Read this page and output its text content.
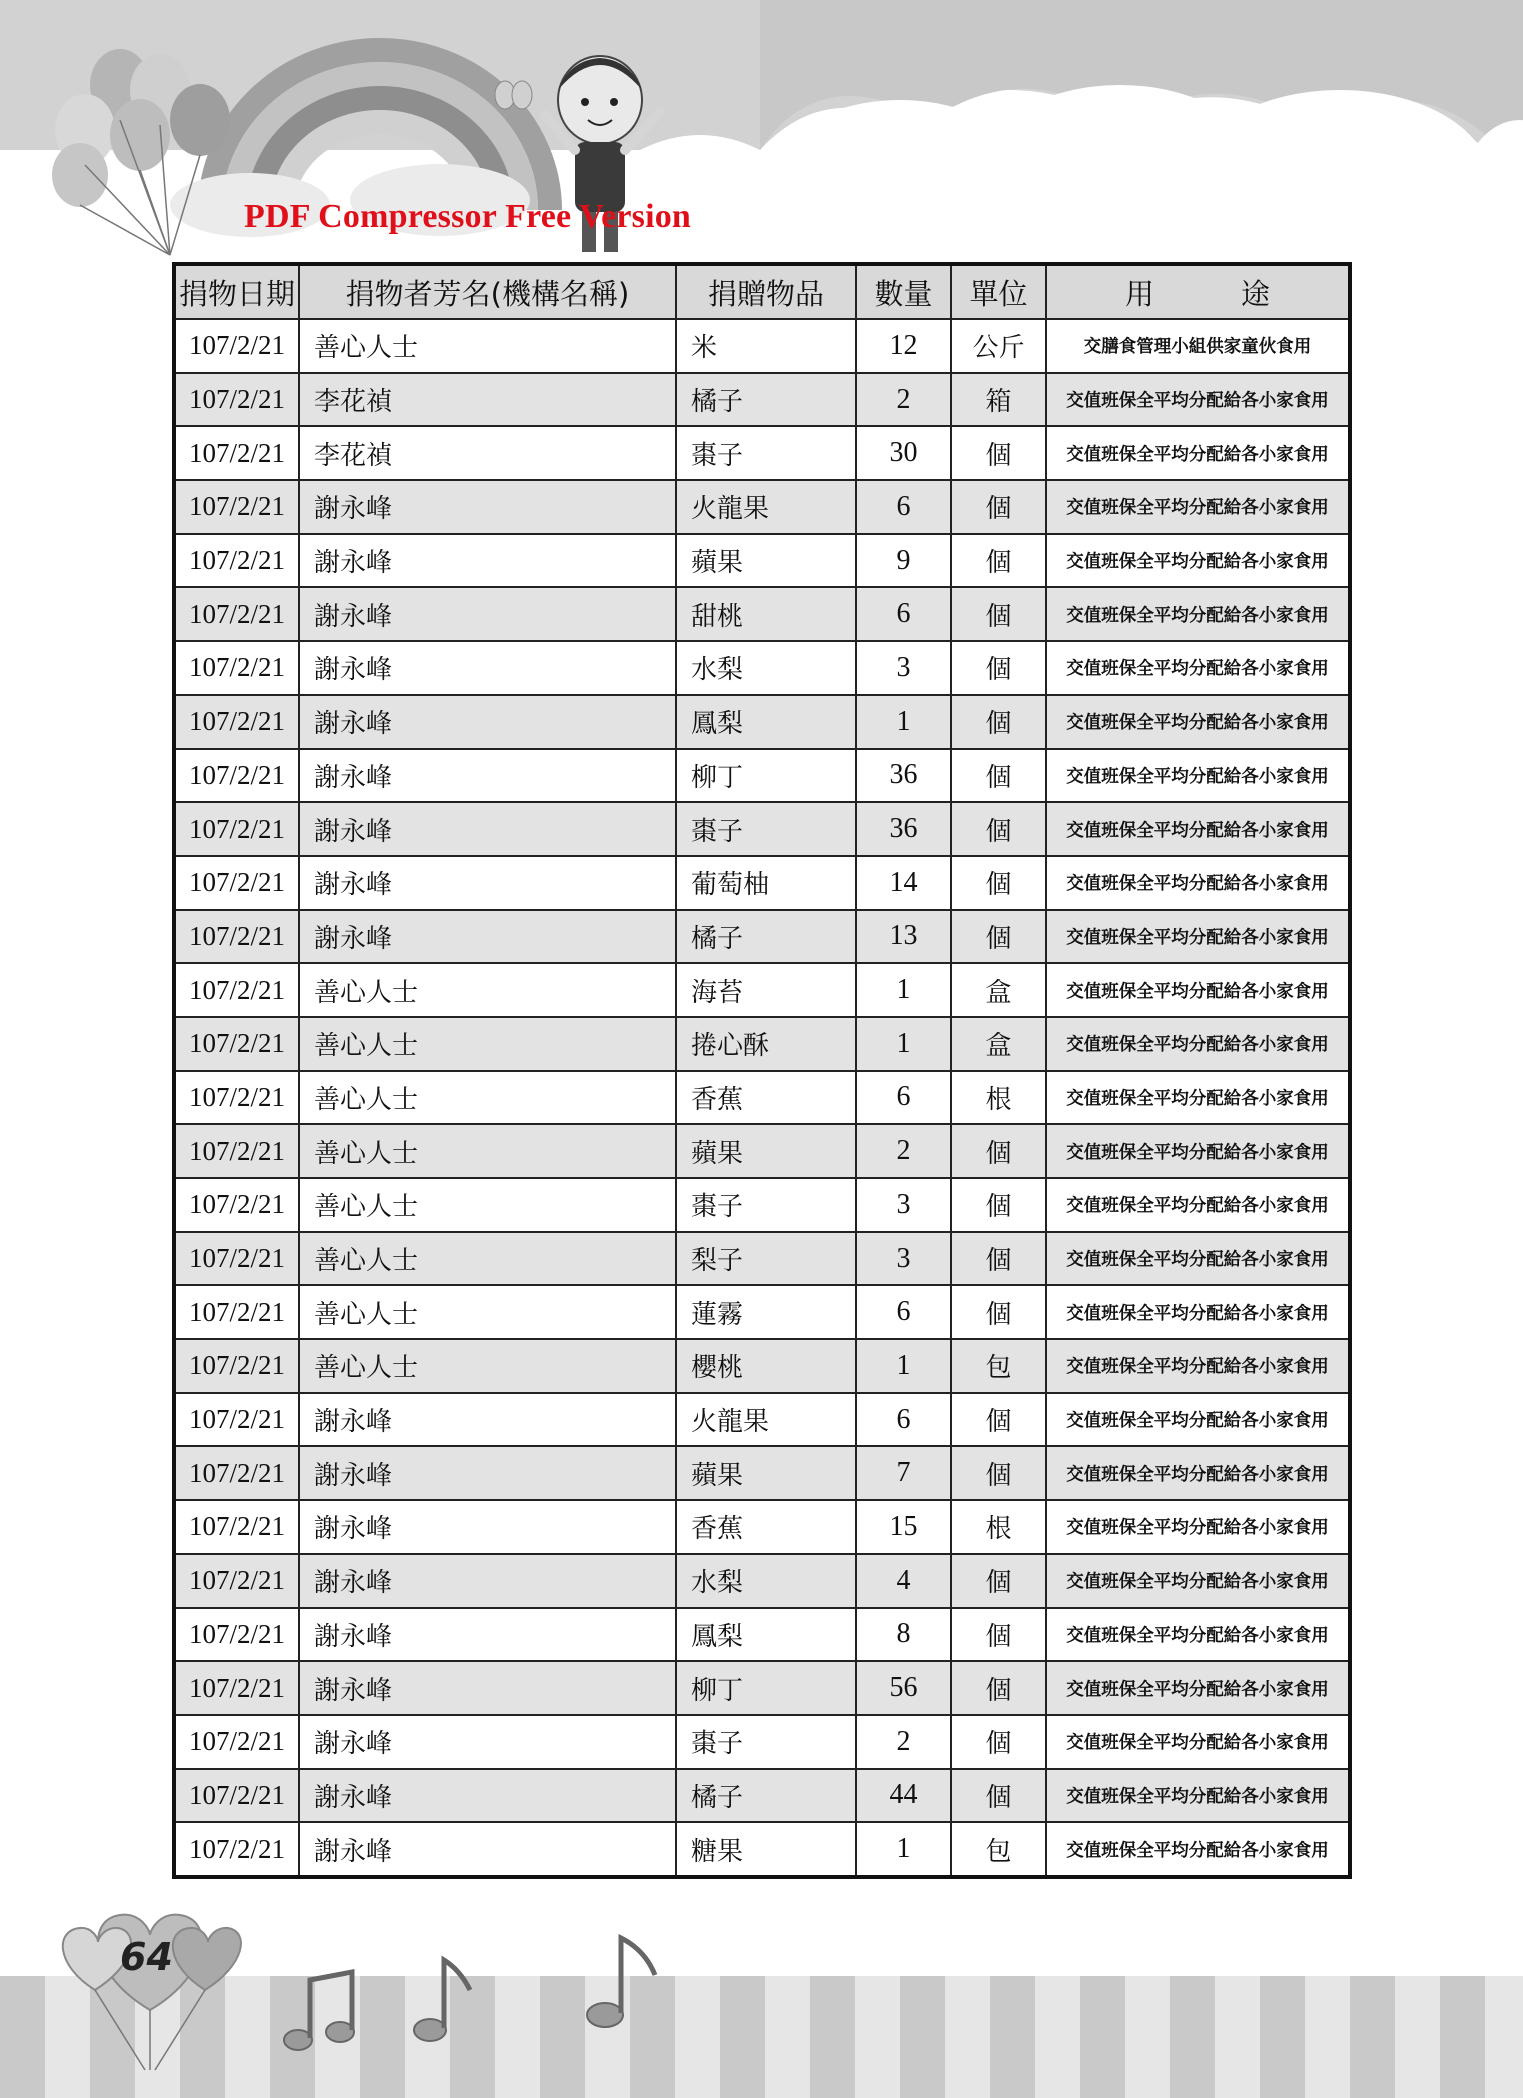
PDF Compressor Free Version
捐物日期	捐物者芳名(機構名稱)	捐贈物品	數量	單位	用　　　途
107/2/21	善心人士	米	12	公斤	交膳食管理小組供家童伙食用
107/2/21	李花禎	橘子	2	箱	交值班保全平均分配給各小家食用
107/2/21	李花禎	棗子	30	個	交值班保全平均分配給各小家食用
107/2/21	謝永峰	火龍果	6	個	交值班保全平均分配給各小家食用
107/2/21	謝永峰	蘋果	9	個	交值班保全平均分配給各小家食用
107/2/21	謝永峰	甜桃	6	個	交值班保全平均分配給各小家食用
107/2/21	謝永峰	水梨	3	個	交值班保全平均分配給各小家食用
107/2/21	謝永峰	鳳梨	1	個	交值班保全平均分配給各小家食用
107/2/21	謝永峰	柳丁	36	個	交值班保全平均分配給各小家食用
107/2/21	謝永峰	棗子	36	個	交值班保全平均分配給各小家食用
107/2/21	謝永峰	葡萄柚	14	個	交值班保全平均分配給各小家食用
107/2/21	謝永峰	橘子	13	個	交值班保全平均分配給各小家食用
107/2/21	善心人士	海苔	1	盒	交值班保全平均分配給各小家食用
107/2/21	善心人士	捲心酥	1	盒	交值班保全平均分配給各小家食用
107/2/21	善心人士	香蕉	6	根	交值班保全平均分配給各小家食用
107/2/21	善心人士	蘋果	2	個	交值班保全平均分配給各小家食用
107/2/21	善心人士	棗子	3	個	交值班保全平均分配給各小家食用
107/2/21	善心人士	梨子	3	個	交值班保全平均分配給各小家食用
107/2/21	善心人士	蓮霧	6	個	交值班保全平均分配給各小家食用
107/2/21	善心人士	櫻桃	1	包	交值班保全平均分配給各小家食用
107/2/21	謝永峰	火龍果	6	個	交值班保全平均分配給各小家食用
107/2/21	謝永峰	蘋果	7	個	交值班保全平均分配給各小家食用
107/2/21	謝永峰	香蕉	15	根	交值班保全平均分配給各小家食用
107/2/21	謝永峰	水梨	4	個	交值班保全平均分配給各小家食用
107/2/21	謝永峰	鳳梨	8	個	交值班保全平均分配給各小家食用
107/2/21	謝永峰	柳丁	56	個	交值班保全平均分配給各小家食用
107/2/21	謝永峰	棗子	2	個	交值班保全平均分配給各小家食用
107/2/21	謝永峰	橘子	44	個	交值班保全平均分配給各小家食用
107/2/21	謝永峰	糖果	1	包	交值班保全平均分配給各小家食用
64
